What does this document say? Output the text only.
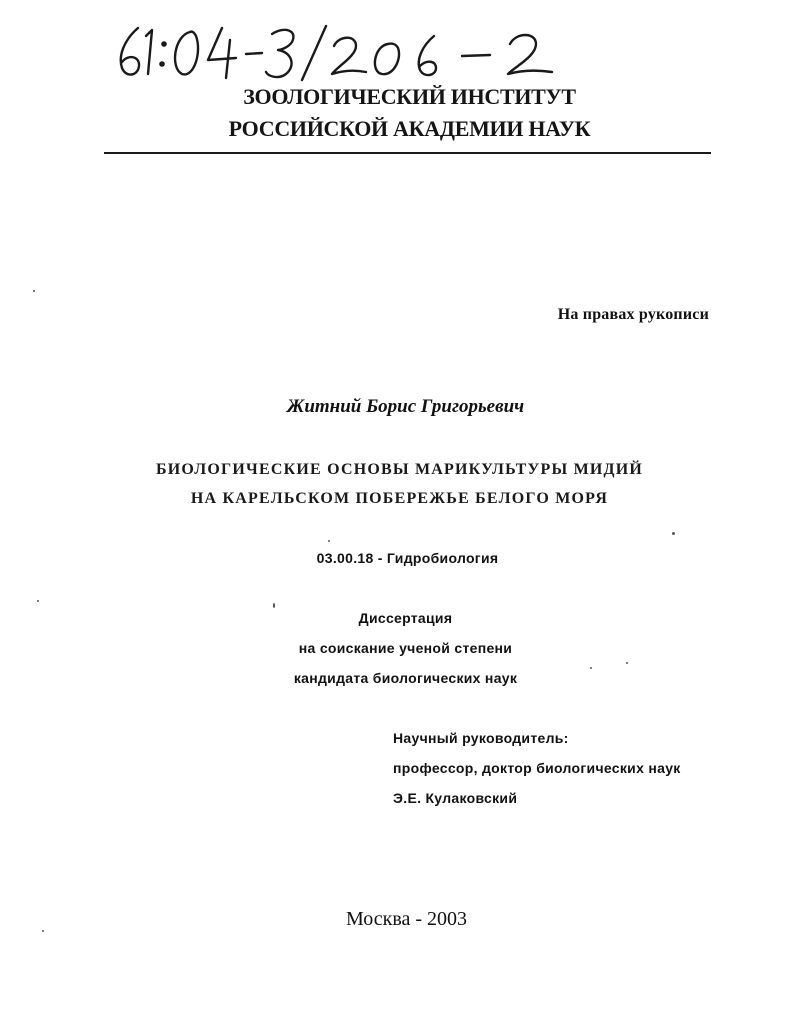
ЗООЛОГИЧЕСКИЙ ИНСТИТУТ
РОССИЙСКОЙ АКАДЕМИИ НАУК
На правах рукописи
Житний Борис Григорьевич
БИОЛОГИЧЕСКИЕ ОСНОВЫ МАРИКУЛЬТУРЫ МИДИЙ
НА КАРЕЛЬСКОМ ПОБЕРЕЖЬЕ БЕЛОГО МОРЯ
03.00.18 - Гидробиология
Диссертация
на соискание ученой степени
кандидата биологических наук
Научный руководитель:
профессор, доктор биологических наук
Э.Е. Кулаковский
Москва - 2003
